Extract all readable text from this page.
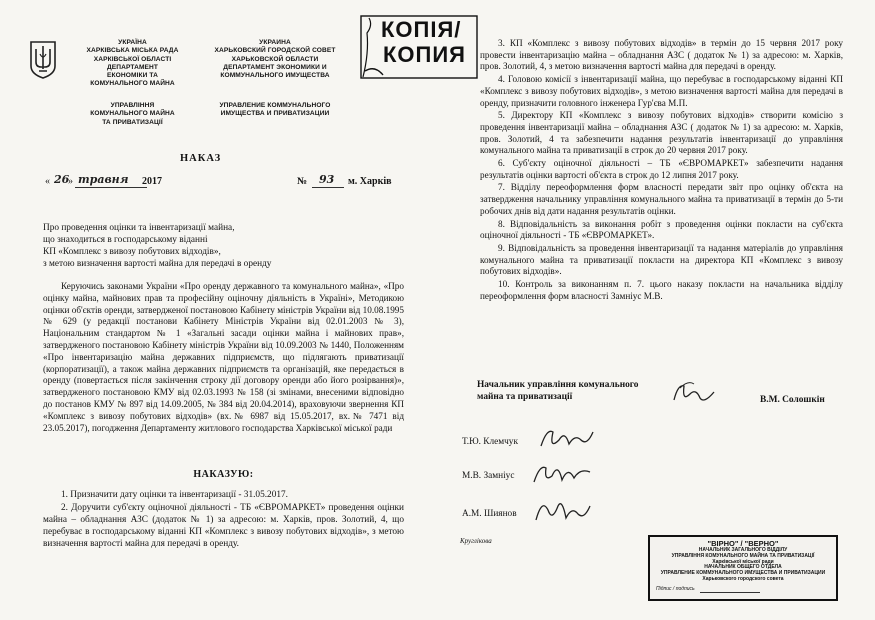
УКРАЇНА
ХАРКІВСЬКА МІСЬКА РАДА
ХАРКІВСЬКОЇ ОБЛАСТІ
ДЕПАРТАМЕНТ
ЕКОНОМІКИ ТА
КОМУНАЛЬНОГО МАЙНА
УПРАВЛІННЯ
КОМУНАЛЬНОГО МАЙНА
ТА ПРИВАТИЗАЦІЇ
УКРАИНА
ХАРЬКОВСКИЙ ГОРОДСКОЙ СОВЕТ
ХАРЬКОВСКОЙ ОБЛАСТИ
ДЕПАРТАМЕНТ ЭКОНОМИКИ И
КОММУНАЛЬНОГО ИМУЩЕСТВА
УПРАВЛЕНИЕ КОММУНАЛЬНОГО
ИМУЩЕСТВА И ПРИВАТИЗАЦИИ
КОПІЯ/
КОПИЯ
НАКАЗ
« 26
» травня 2017	№ 93 м. Харків
Про проведення оцінки та інвентаризації майна,
що знаходиться в господарському віданні
КП «Комплекс з вивозу побутових відходів»,
з метою визначення вартості майна для передачі в оренду

Керуючись законами України «Про оренду державного та комунального майна», «Про оцінку майна, майнових прав та професійну оціночну діяльність в Україні», Методикою оцінки об'єктів оренди, затвердженої постановою Кабінету міністрів України від 10.08.1995 № 629 (у редакції постанови Кабінету Міністрів України від 02.01.2003 № 3), Національним стандартом № 1 «Загальні засади оцінки майна і майнових прав», затвердженого постановою Кабінету міністрів України від 10.09.2003 № 1440, Положенням «Про інвентаризацію майна державних підприємств, що підлягають приватизації (корпоратизації), а також майна державних підприємств та організацій, яке передається в оренду (повертається після закінчення строку дії договору оренди або його розірвання)», затвердженого постановою КМУ від 02.03.1993 № 158 (зі змінами, внесеними відповідно до постанов КМУ № 897 від 14.09.2005, № 384 від 20.04.2014), враховуючи звернення КП «Комплекс з вивозу побутових відходів» (вх.№ 6987 від 15.05.2017, вх.№ 7471 від 23.05.2017), погодження Департаменту житлового господарства Харківської міської ради

НАКАЗУЮ:

1. Призначити дату оцінки та інвентаризації - 31.05.2017.

2. Доручити суб'єкту оціночної діяльності - ТБ «ЄВРОМАРКЕТ» проведення оцінки майна – обладнання АЗС (додаток № 1) за адресою: м. Харків, пров. Золотий, 4, що перебуває в господарському віданні КП «Комплекс з вивозу побутових відходів», з метою визначення вартості майна для передачі в оренду.

3. КП «Комплекс з вивозу побутових відходів» в термін до 15 червня 2017 року провести інвентаризацію майна – обладнання АЗС ( додаток № 1) за адресою: м. Харків, пров. Золотий, 4, з метою визначення вартості майна для передачі в оренду.

4. Головою комісії з інвентаризації майна, що перебуває в господарському віданні КП «Комплекс з вивозу побутових відходів», з метою визначення вартості майна для передачі в оренду, призначити головного інженера Гур'єва М.П.

5. Директору КП «Комплекс з вивозу побутових відходів» створити комісію з проведення інвентаризації майна – обладнання АЗС ( додаток № 1) за адресою: м. Харків, пров. Золотий, 4 та забезпечити надання результатів інвентаризації до управління комунального майна та приватизації в строк до 20 червня 2017 року.

6. Суб'єкту оціночної діяльності – ТБ «ЄВРОМАРКЕТ» забезпечити надання результатів оцінки вартості об'єкта в строк до 12 липня 2017 року.

7. Відділу переоформлення форм власності передати звіт про оцінку об'єкта на затвердження начальнику управління комунального майна та приватизації в термін до 5-ти робочих днів від дати надання результатів оцінки.

8. Відповідальність за виконання робіт з проведення оцінки покласти на суб'єкта оціночної діяльності - ТБ «ЄВРОМАРКЕТ».

9. Відповідальність за проведення інвентаризації та надання матеріалів до управління комунального майна та приватизації покласти на директора КП «Комплекс з вивозу побутових відходів».

10. Контроль за виконанням п. 7. цього наказу покласти на начальника відділу переоформлення форм власності Замніус М.В.

Начальник управління комунального
майна та приватизації	В.М. Солошкін
Т.Ю. Клемчук
М.В. Замніус
А.М. Шиянов
Круглікова	"ВІРНО" / "ВЕРНО"
НАЧАЛЬНИК ЗАГАЛЬНОГО ВІДДІЛУ
УПРАВЛІННЯ КОМУНАЛЬНОГО МАЙНА ТА ПРИВАТИЗАЦІЇ
Харківської міської ради
НАЧАЛЬНИК ОБЩЕГО ОТДЕЛА
УПРАВЛЕНИЕ КОММУНАЛЬНОГО ИМУЩЕСТВА И ПРИВАТИЗАЦИИ
Харьковского городского совета
Підпис / подпись
